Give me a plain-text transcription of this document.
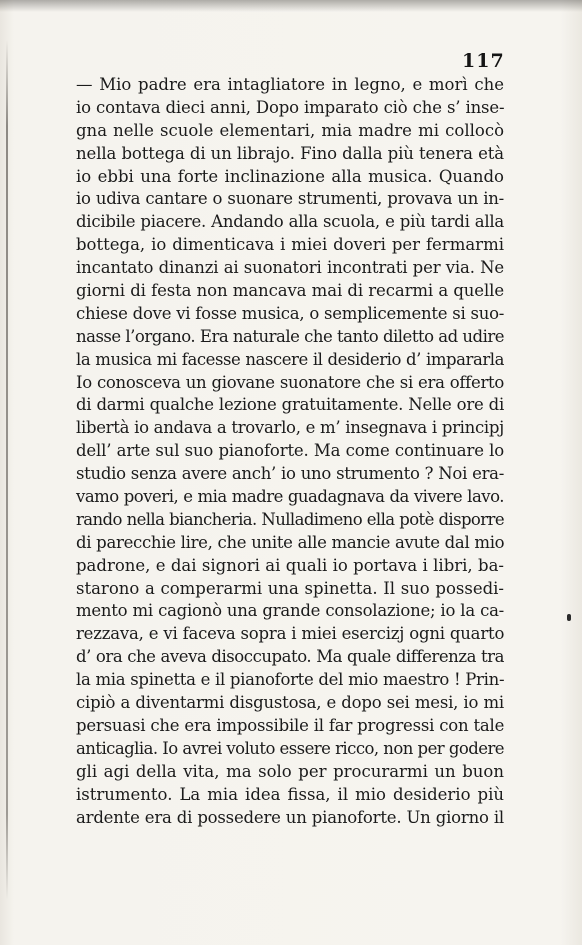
117
— Mio padre era intagliatore in legno, e morì che
io contava dieci anni, Dopo imparato ciò che s’ inse-
gna nelle scuole elementari, mia madre mi collocò
nella bottega di un librajo. Fino dalla più tenera età
io ebbi una forte inclinazione alla musica. Quando
io udiva cantare o suonare strumenti, provava un in-
dicibile piacere. Andando alla scuola, e più tardi alla
bottega, io dimenticava i miei doveri per fermarmi
incantato dinanzi ai suonatori incontrati per via. Ne
giorni di festa non mancava mai di recarmi a quelle
chiese dove vi fosse musica, o semplicemente si suo-
nasse l’organo. Era naturale che tanto diletto ad udire
la musica mi facesse nascere il desiderio d’ impararla
Io conosceva un giovane suonatore che si era offerto
di darmi qualche lezione gratuitamente. Nelle ore di
libertà io andava a trovarlo, e m’ insegnava i principj
dell’ arte sul suo pianoforte. Ma come continuare lo
studio senza avere anch’ io uno strumento ? Noi era-
vamo poveri, e mia madre guadagnava da vivere lavo.
rando nella biancheria. Nulladimeno ella potè disporre
di parecchie lire, che unite alle mancie avute dal mio
padrone, e dai signori ai quali io portava i libri, ba-
starono a comperarmi una spinetta. Il suo possedi-
mento mi cagionò una grande consolazione; io la ca-
rezzava, e vi faceva sopra i miei esercizj ogni quarto
d’ ora che aveva disoccupato. Ma quale differenza tra
la mia spinetta e il pianoforte del mio maestro ! Prin-
cipiò a diventarmi disgustosa, e dopo sei mesi, io mi
persuasi che era impossibile il far progressi con tale
anticaglia. Io avrei voluto essere ricco, non per godere
gli agi della vita, ma solo per procurarmi un buon
istrumento. La mia idea fissa, il mio desiderio più
ardente era di possedere un pianoforte. Un giorno il
